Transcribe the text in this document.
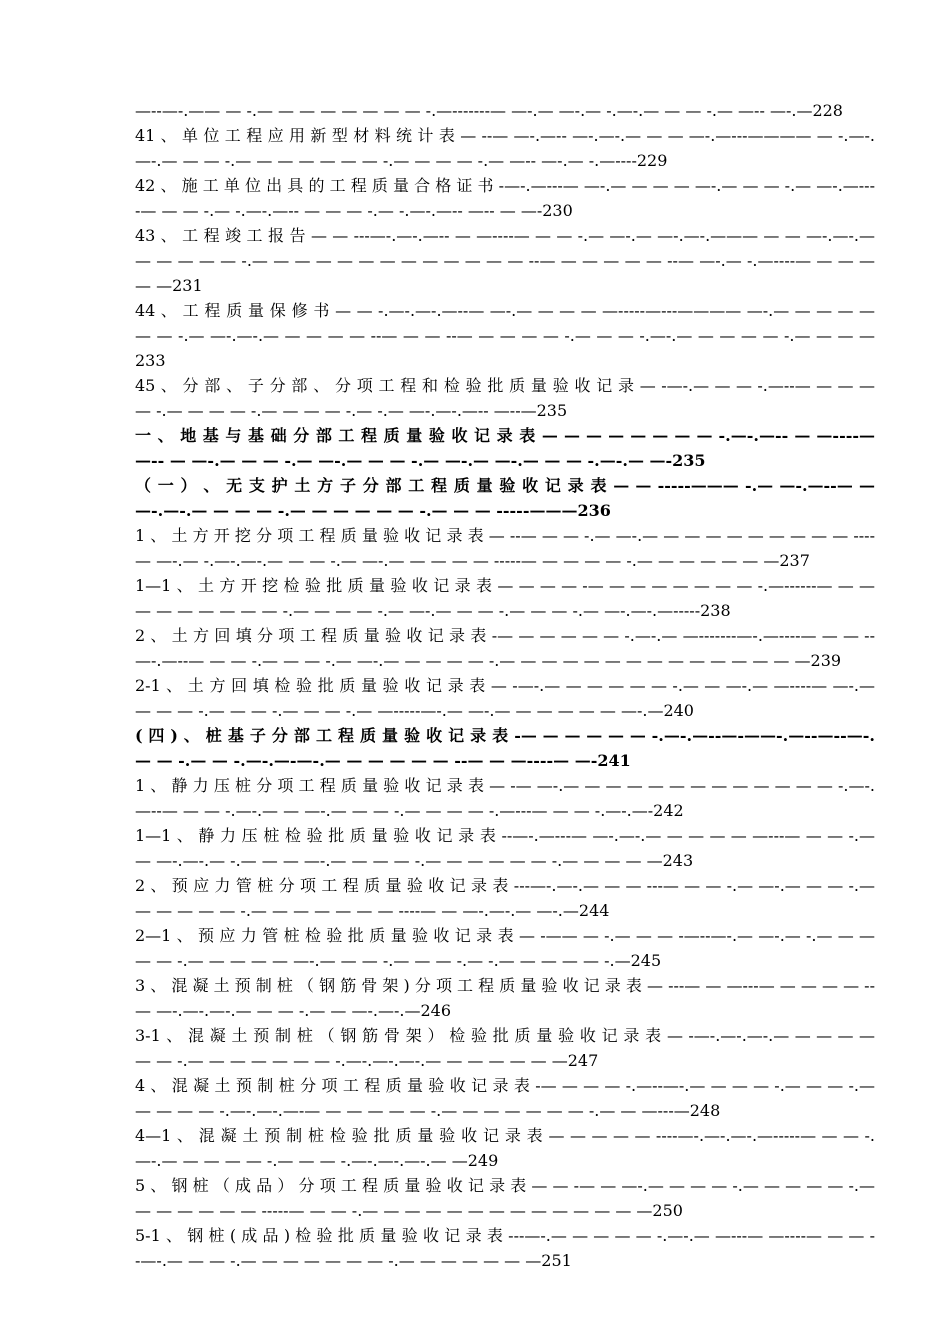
—--—-.—— — -.— — — — — — — — -.—-------— —-.— —-.— -.—-.— — — -.— —-- —-.—228
41 、 单 位 工 程 应 用 新 型 材 料 统 计 表 — --— —-.—-- —-.—-.— — — —-.—---———— — -.—-.—-.— — — -.— — — — — — — -.— — — — -.— —-- —-.— -.—----229
42 、 施 工 单 位 出 具 的 工 程 质 量 合 格 证 书 -—-.—---— —-.— — — — —-.— — — -.— —-.—----— — — -.— -.—-.—-- — — — -.— -.—-.—-- —-- — —-230
43 、 工 程 竣 工 报 告 — — ---—-.—-.—-- — —----— — — -.— —-.— —-.—-.——— — — —-.—-.— — — — — — -.— — — — — — — — — — — — — --— — — — — — --— —-.— -.—----— — — — — —231
44 、 工 程 质 量 保 修 书 — — -.—-.—-.—--— —-.— — — — —-----—---———— —-.— — — — — — — -.— —-.—-.— — — — — --— — — --— — — — — -.— — — -.—-.— — — — — -.— — — — 233
45 、 分 部 、 子 分 部 、 分 项 工 程 和 检 验 批 质 量 验 收 记 录 — -—-.— — — -.—--— — — — — -.— — — — -.— — — — -.— -.— —-.—-.—-- —--—235
一 、 地 基 与 基 础 分 部 工 程 质 量 验 收 记 录 表 — — — — — — — — -.—-.—-- — —----— —-- — —-.— — — -.— —-.— — — -.— —-.— —-.— — — -.—-.— —-235
（ 一 ） 、 无 支 护 土 方 子 分 部 工 程 质 量 验 收 记 录 表 — — -----——— -.— —-.—--— — —-.—-.— — — — -.— — — — — — -.— — — -----———236
1 、 土 方 开 挖 分 项 工 程 质 量 验 收 记 录 表 — --— — — -.— —-.— — — — — — — — — — ----— —-.— -.—-.—-.— — — -.— —-.— — — — — -----— — — — — -.— — — — — — —237
1—1 、 土 方 开 挖 检 验 批 质 量 验 收 记 录 表 — — — — -— — — — — — — — -.—------— — — — — — — — — — -.— — — — -.— —-.— — — -.— — — -.— —-.—-.—-----238
2 、 土 方 回 填 分 项 工 程 质 量 验 收 记 录 表 -— — — — — — -.—-.— —-------—-.—----— — — --—-.—--— — — -.— — — -.— —-.— — — — — -.— — — — — — — — — — — — — — —239
2-1 、 土 方 回 填 检 验 批 质 量 验 收 记 录 表 — -—-.— — — — — — -.— — —-.— —----— —-.— — — — -.— — — -.— — — -.— —-----—-.— —-.— — — — — — —-.—240
( 四 ) 、 桩 基 子 分 部 工 程 质 量 验 收 记 录 表 -— — — — — — -.—-.—--—-——-.—--—--—-.— — -.— — -.—-.—-—-.— — — — — — --— — —----— —-241
1 、 静 力 压 桩 分 项 工 程 质 量 验 收 记 录 表 — -— —-.— — — — — — — — — — — — — -.—-.—--— — — -.—-.— — —-.— — — -.— — — — -.—---— — — -.—-.—-242
1—1 、 静 力 压 桩 检 验 批 质 量 验 收 记 录 表 --—-.—---— —-.—-.— — — — — —---— — — -.— — —-.—-.— -.— — — —-.— — — — -.— — — — — — -.— — — — —243
2 、 预 应 力 管 桩 分 项 工 程 质 量 验 收 记 录 表 ---—-.—-.— — — ---— — — -.— —-.— — — -.— — — — — — -.— — — — — — — ----— — —-.—-.— —-.—244
2—1 、 预 应 力 管 桩 检 验 批 质 量 验 收 记 录 表 — -—— — -.— — — -—--—-.— —-.— -.— — — — — -.— — — — — —-.— — — -.— — — -.— -.— — — — — -.—245
3 、 混 凝 土 预 制 桩 （ 钢 筋 骨 架 ) 分 项 工 程 质 量 验 收 记 录 表 — ---— — —---— — — — — --— —-.—-.—-.— — — -.— — —-.—-.—246
3-1 、 混 凝 土 预 制 桩 （ 钢 筋 骨 架 ） 检 验 批 质 量 验 收 记 录 表 — -—-.—-.—-.— — — — — — — -.— — — — — — — -.—-.—-.—-.— — — — — — —247
4 、 混 凝 土 预 制 桩 分 项 工 程 质 量 验 收 记 录 表 -— — — — -.—--—-.— — — — -.— — — -.— — — — — -.—-.—-.—-— — — — — — -.— — — — — — — -.— — —---—248
4—1 、 混 凝 土 预 制 桩 检 验 批 质 量 验 收 记 录 表 — — — — — ----—-.—-.—-.—-----— — — -.—-.— — — — — -.— — — -.—-.—-.—-.— —249
5 、 钢 桩 （ 成 品 ） 分 项 工 程 质 量 验 收 记 录 表 — — -— — —-.— — — — -.— — — — — -.— — — — — — — -----— — — -.— — — — — — — — — — — — — —250
5-1 、 钢 桩 ( 成 品 ) 检 验 批 质 量 验 收 记 录 表 ---—-.— — — — — -.—-.— —---— —----— — — --—-.— — — -.— — — — — — — -.— — — — — — —251
